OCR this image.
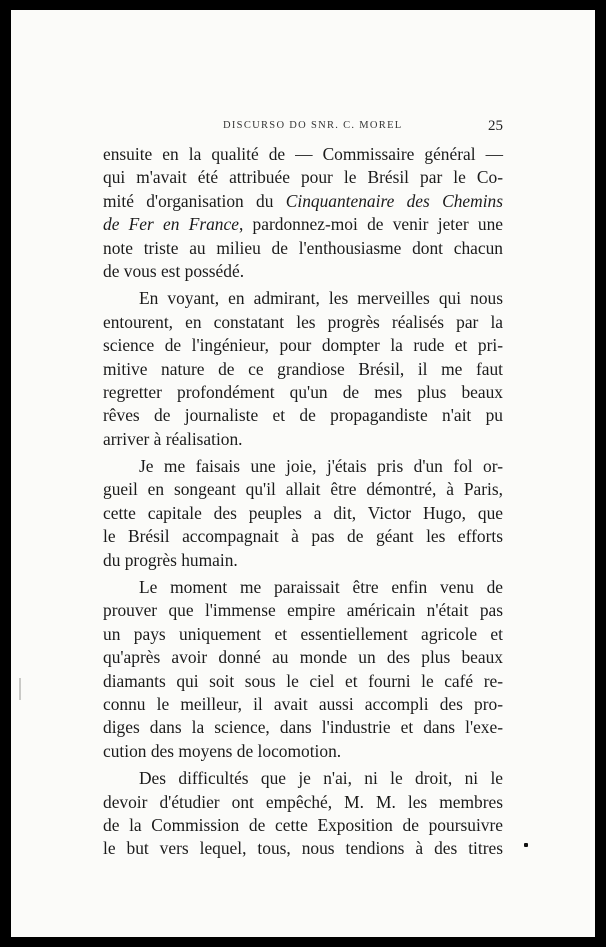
DISCURSO DO SNR. C. MOREL	25
ensuite en la qualité de — Commissaire général —
qui m'avait été attribuée pour le Brésil par le Co-
mité d'organisation du Cinquantenaire des Chemins
de Fer en France, pardonnez-moi de venir jeter une
note triste au milieu de l'enthousiasme dont chacun
de vous est possédé.
En voyant, en admirant, les merveilles qui nous
entourent, en constatant les progrès réalisés par la
science de l'ingénieur, pour dompter la rude et pri-
mitive nature de ce grandiose Brésil, il me faut
regretter profondément qu'un de mes plus beaux
rêves de journaliste et de propagandiste n'ait pu
arriver à réalisation.
Je me faisais une joie, j'étais pris d'un fol or-
gueil en songeant qu'il allait être démontré, à Paris,
cette capitale des peuples a dit, Victor Hugo, que
le Brésil accompagnait à pas de géant les efforts
du progrès humain.
Le moment me paraissait être enfin venu de
prouver que l'immense empire américain n'était pas
un pays uniquement et essentiellement agricole et
qu'après avoir donné au monde un des plus beaux
diamants qui soit sous le ciel et fourni le café re-
connu le meilleur, il avait aussi accompli des pro-
diges dans la science, dans l'industrie et dans l'exe-
cution des moyens de locomotion.
Des difficultés que je n'ai, ni le droit, ni le
devoir d'étudier ont empêché, M. M. les membres
de la Commission de cette Exposition de poursuivre
le but vers lequel, tous, nous tendions à des titres
